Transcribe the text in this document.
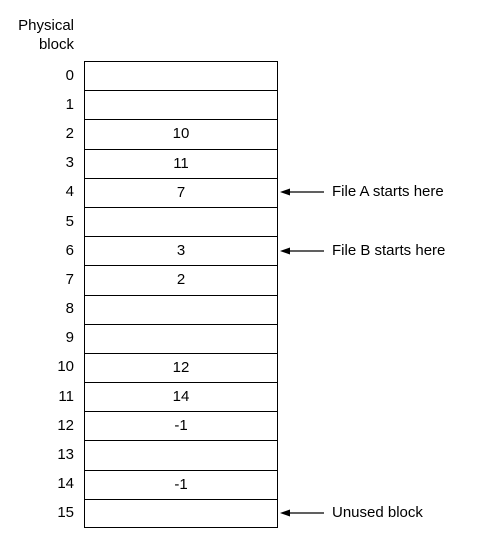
Physical
block
0
1
2
3
4
5
6
7
8
9
10
11
12
13
14
15
10
11
7
3
2
12
14
-1
-1
File A starts here
File B starts here
Unused block
